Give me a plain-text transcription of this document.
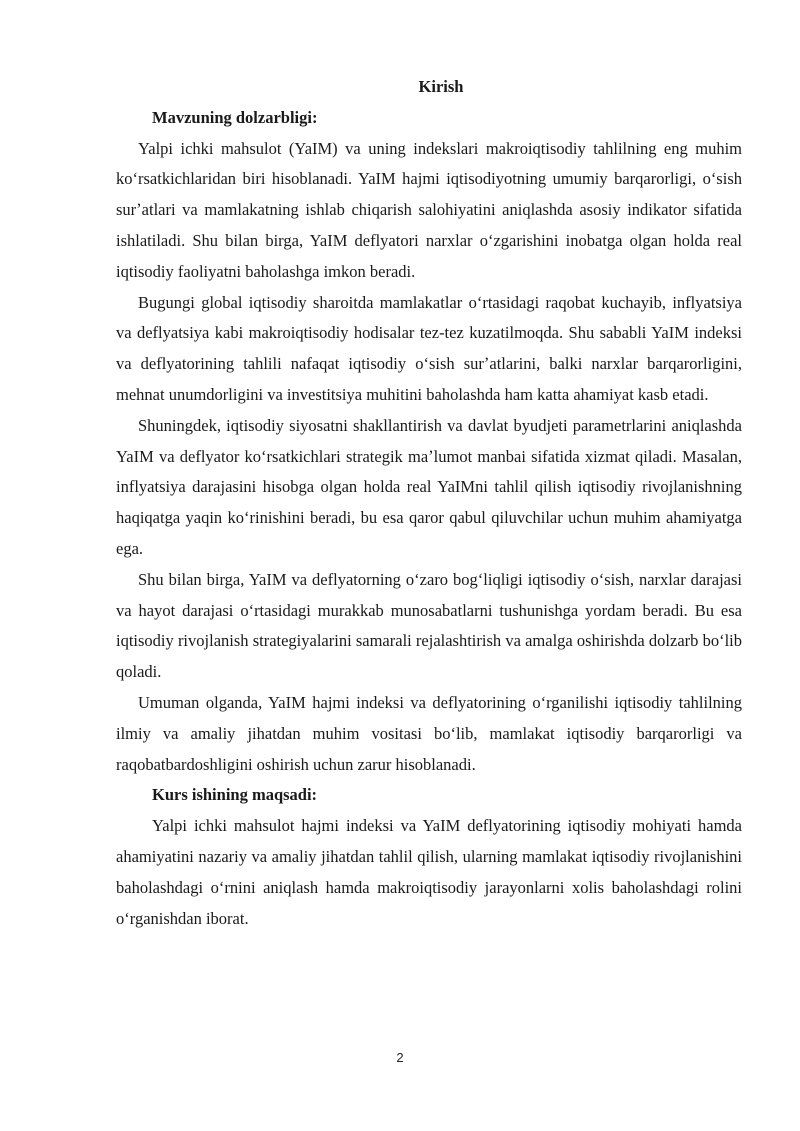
Kirish

Mavzuning dolzarbligi:

Yalpi ichki mahsulot (YaIM) va uning indekslari makroiqtisodiy tahlilning eng muhim koʻrsatkichlaridan biri hisoblanadi. YaIM hajmi iqtisodiyotning umumiy barqarorligi, oʻsish surʼatlari va mamlakatning ishlab chiqarish salohiyatini aniqlashda asosiy indikator sifatida ishlatiladi. Shu bilan birga, YaIM deflyatori narxlar oʻzgarishini inobatga olgan holda real iqtisodiy faoliyatni baholashga imkon beradi.

Bugungi global iqtisodiy sharoitda mamlakatlar oʻrtasidagi raqobat kuchayib, inflyatsiya va deflyatsiya kabi makroiqtisodiy hodisalar tez-tez kuzatilmoqda. Shu sababli YaIM indeksi va deflyatorining tahlili nafaqat iqtisodiy oʻsish surʼatlarini, balki narxlar barqarorligini, mehnat unumdorligini va investitsiya muhitini baholashda ham katta ahamiyat kasb etadi.

Shuningdek, iqtisodiy siyosatni shakllantirish va davlat byudjeti parametrlarini aniqlashda YaIM va deflyator koʻrsatkichlari strategik maʼlumot manbai sifatida xizmat qiladi. Masalan, inflyatsiya darajasini hisobga olgan holda real YaIMni tahlil qilish iqtisodiy rivojlanishning haqiqatga yaqin koʻrinishini beradi, bu esa qaror qabul qiluvchilar uchun muhim ahamiyatga ega.

Shu bilan birga, YaIM va deflyatorning oʻzaro bogʻliqligi iqtisodiy oʻsish, narxlar darajasi va hayot darajasi oʻrtasidagi murakkab munosabatlarni tushunishga yordam beradi. Bu esa iqtisodiy rivojlanish strategiyalarini samarali rejalashtirish va amalga oshirishda dolzarb boʻlib qoladi.

Umuman olganda, YaIM hajmi indeksi va deflyatorining oʻrganilishi iqtisodiy tahlilning ilmiy va amaliy jihatdan muhim vositasi boʻlib, mamlakat iqtisodiy barqarorligi va raqobatbardoshligini oshirish uchun zarur hisoblanadi.

Kurs ishining maqsadi:

Yalpi ichki mahsulot hajmi indeksi va YaIM deflyatorining iqtisodiy mohiyati hamda ahamiyatini nazariy va amaliy jihatdan tahlil qilish, ularning mamlakat iqtisodiy rivojlanishini baholashdagi oʻrnini aniqlash hamda makroiqtisodiy jarayonlarni xolis baholashdagi rolini oʻrganishdan iborat.

2
